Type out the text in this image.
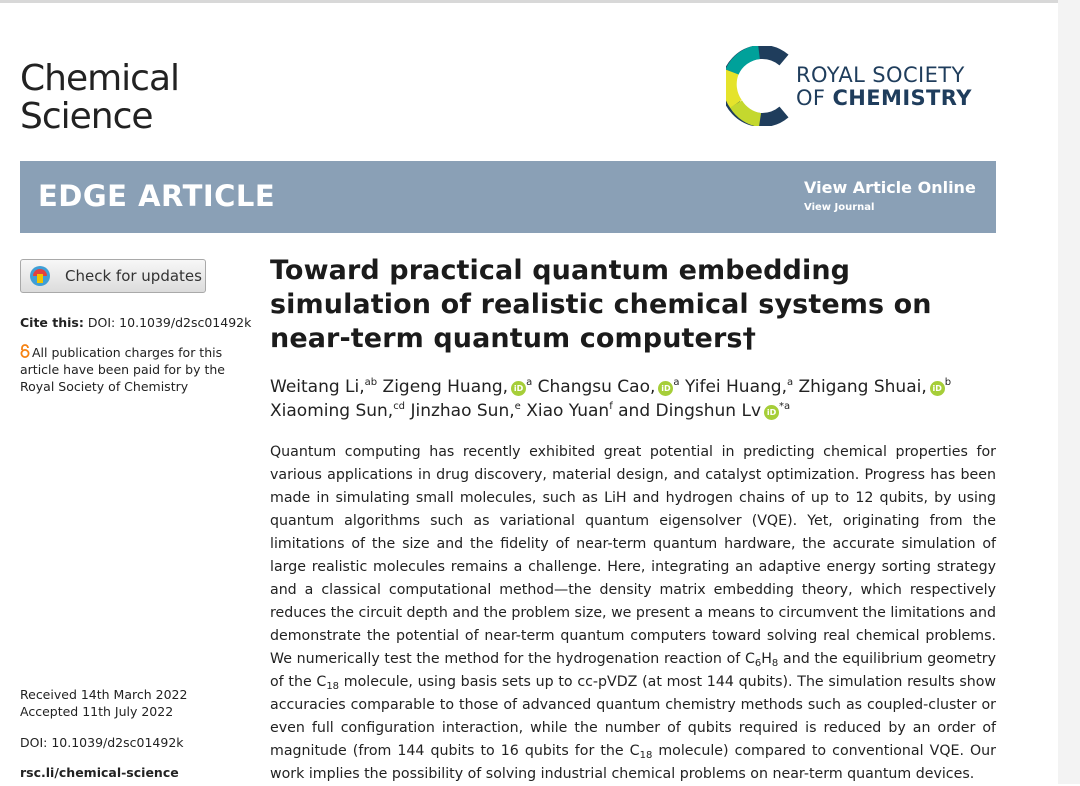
Chemical
Science
ROYAL SOCIETY
OF CHEMISTRY
EDGE ARTICLE	View Article Online
View Journal
Check for updates
Cite this: DOI: 10.1039/d2sc01492k
All publication charges for this article have been paid for by the Royal Society of Chemistry
Received 14th March 2022
Accepted 11th July 2022
DOI: 10.1039/d2sc01492k
rsc.li/chemical-science
Toward practical quantum embedding simulation of realistic chemical systems on near-term quantum computers†
Weitang Li,$^{ab}$ Zigeng Huang, $iD^a$ Changsu Cao, $iD^a$ Yifei Huang,$^a$ Zhigang Shuai, $iD^b$
Xiaoming Sun,$^{cd}$ Jinzhao Sun,$^e$ Xiao Yuan$^f$ and Dingshun Lv $iD^{*a}$

Quantum computing has recently exhibited great potential in predicting chemical properties for various applications in drug discovery, material design, and catalyst optimization. Progress has been made in simulating small molecules, such as LiH and hydrogen chains of up to 12 qubits, by using quantum algorithms such as variational quantum eigensolver (VQE). Yet, originating from the limitations of the size and the fidelity of near-term quantum hardware, the accurate simulation of large realistic molecules remains a challenge. Here, integrating an adaptive energy sorting strategy and a classical computational method—the density matrix embedding theory, which respectively reduces the circuit depth and the problem size, we present a means to circumvent the limitations and demonstrate the potential of near-term quantum computers toward solving real chemical problems. We numerically test the method for the hydrogenation reaction of $C_6H_8$ and the equilibrium geometry of the $C_{18}$ molecule, using basis sets up to cc-pVDZ (at most 144 qubits). The simulation results show accuracies comparable to those of advanced quantum chemistry methods such as coupled-cluster or even full configuration interaction, while the number of qubits required is reduced by an order of magnitude (from 144 qubits to 16 qubits for the $C_{18}$ molecule) compared to conventional VQE. Our work implies the possibility of solving industrial chemical problems on near-term quantum devices.
